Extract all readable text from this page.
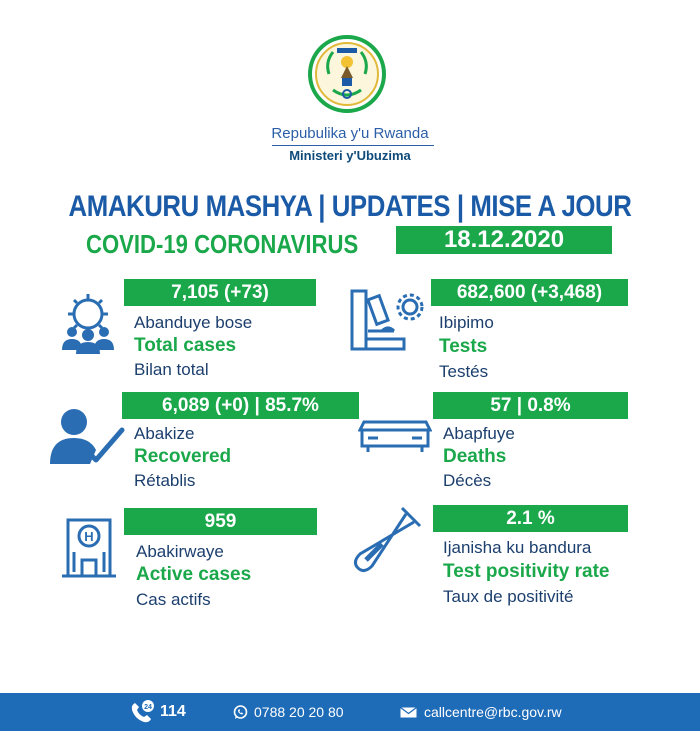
Repubulika y'u Rwanda
Ministeri y'Ubuzima
AMAKURU MASHYA | UPDATES | MISE A JOUR
COVID-19 CORONAVIRUS	18.12.2020
7,105 (+73)
Abanduye bose
Total cases
Bilan total
682,600 (+3,468)
Ibipimo
Tests
Testés
6,089 (+0) | 85.7%
Abakize
Recovered
Rétablis
57 | 0.8%
Abapfuye
Deaths
Décès
H
959
Abakirwaye
Active cases
Cas actifs
2.1 %
Ijanisha ku bandura
Test positivity rate
Taux de positivité
24 114	0788 20 20 80	callcentre@rbc.gov.rw
